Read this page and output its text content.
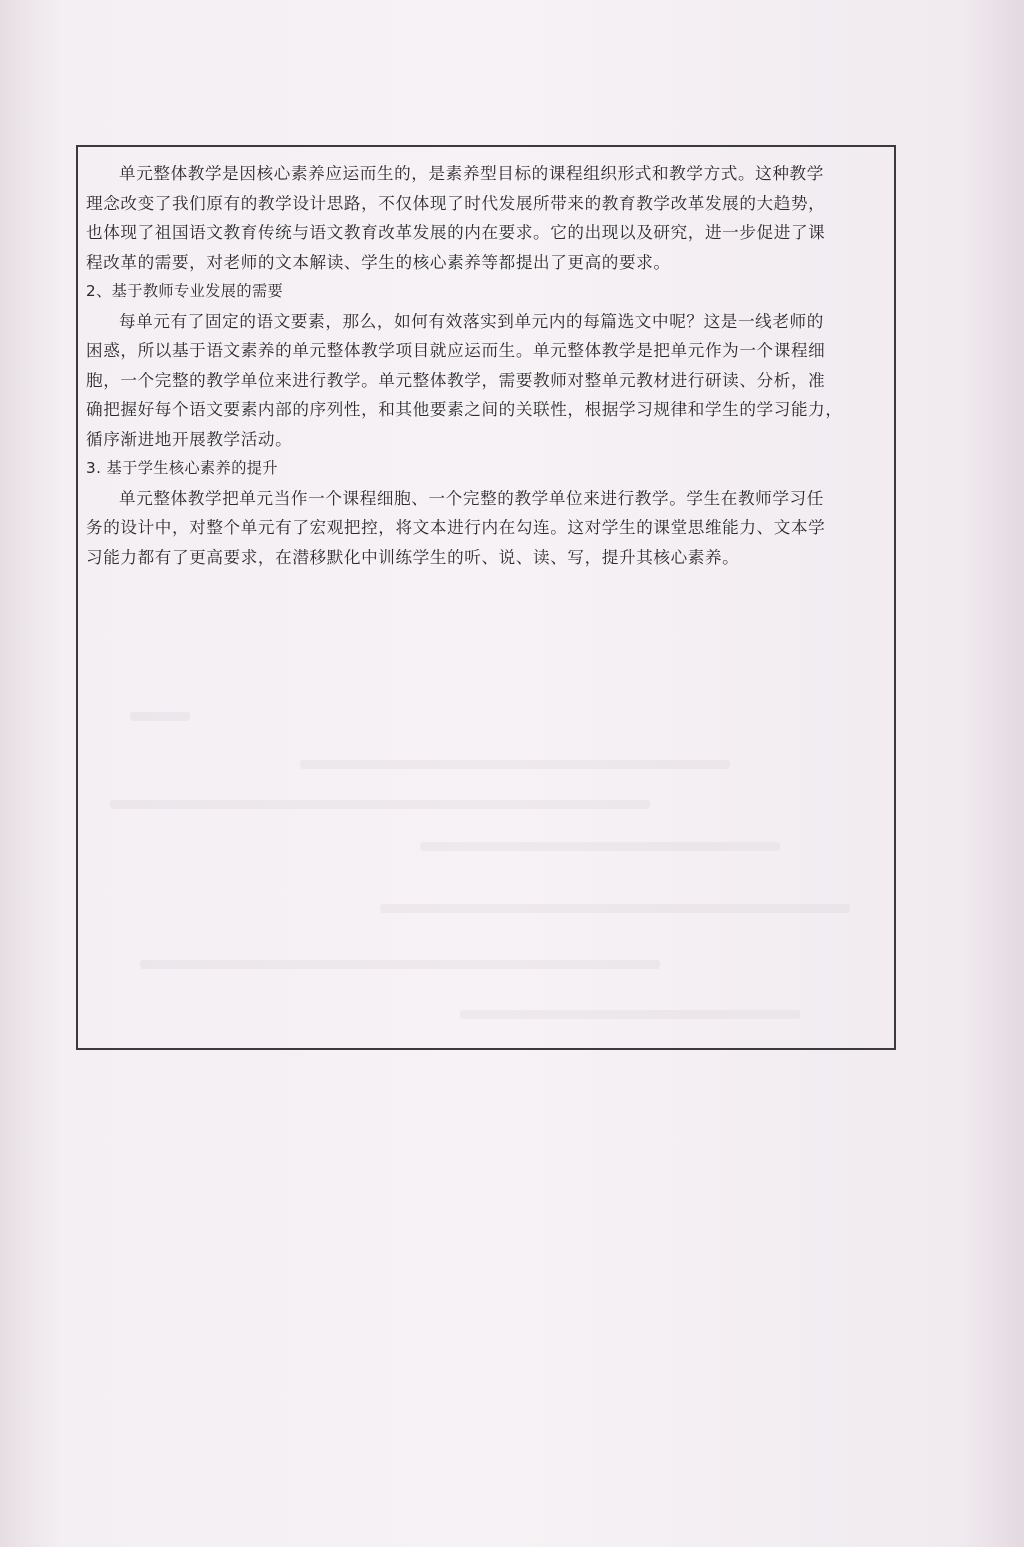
单元整体教学是因核心素养应运而生的，是素养型目标的课程组织形式和教学方式。这种教学
理念改变了我们原有的教学设计思路，不仅体现了时代发展所带来的教育教学改革发展的大趋势，
也体现了祖国语文教育传统与语文教育改革发展的内在要求。它的出现以及研究，进一步促进了课
程改革的需要，对老师的文本解读、学生的核心素养等都提出了更高的要求。
2、基于教师专业发展的需要
每单元有了固定的语文要素，那么，如何有效落实到单元内的每篇选文中呢？这是一线老师的
困惑，所以基于语文素养的单元整体教学项目就应运而生。单元整体教学是把单元作为一个课程细
胞，一个完整的教学单位来进行教学。单元整体教学，需要教师对整单元教材进行研读、分析，准
确把握好每个语文要素内部的序列性，和其他要素之间的关联性，根据学习规律和学生的学习能力，
循序渐进地开展教学活动。
3. 基于学生核心素养的提升
单元整体教学把单元当作一个课程细胞、一个完整的教学单位来进行教学。学生在教师学习任
务的设计中，对整个单元有了宏观把控，将文本进行内在勾连。这对学生的课堂思维能力、文本学
习能力都有了更高要求，在潜移默化中训练学生的听、说、读、写，提升其核心素养。
